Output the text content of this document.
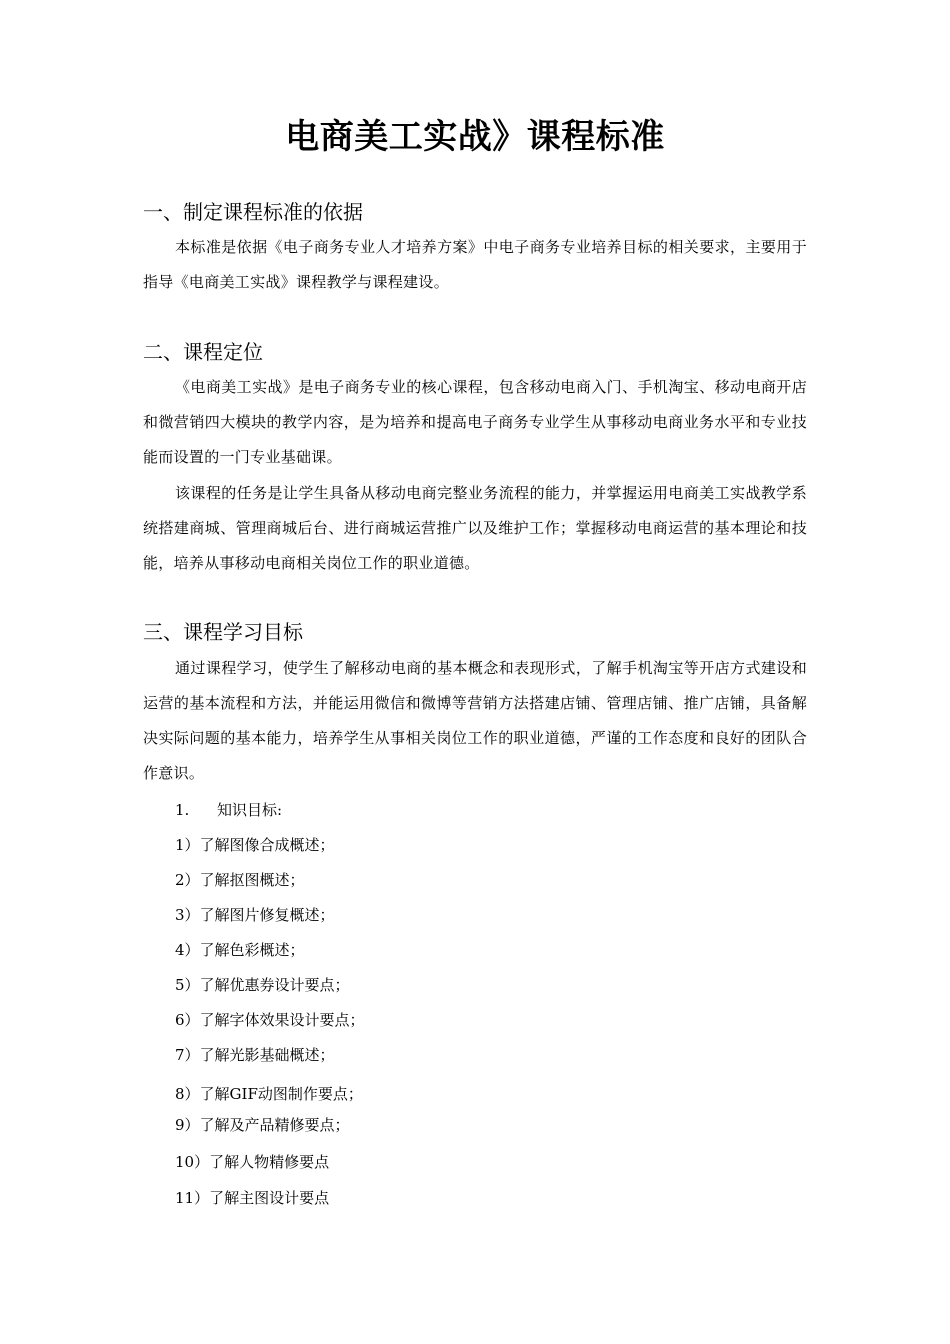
电商美工实战》课程标准
一、制定课程标准的依据
本标准是依据《电子商务专业人才培养方案》中电子商务专业培养目标的相关要求，主要用于指导《电商美工实战》课程教学与课程建设。
二、课程定位
《电商美工实战》是电子商务专业的核心课程，包含移动电商入门、手机淘宝、移动电商开店和微营销四大模块的教学内容，是为培养和提高电子商务专业学生从事移动电商业务水平和专业技能而设置的一门专业基础课。
该课程的任务是让学生具备从移动电商完整业务流程的能力，并掌握运用电商美工实战教学系统搭建商城、管理商城后台、进行商城运营推广以及维护工作；掌握移动电商运营的基本理论和技能，培养从事移动电商相关岗位工作的职业道德。
三、课程学习目标
通过课程学习，使学生了解移动电商的基本概念和表现形式，了解手机淘宝等开店方式建设和运营的基本流程和方法，并能运用微信和微博等营销方法搭建店铺、管理店铺、推广店铺，具备解决实际问题的基本能力，培养学生从事相关岗位工作的职业道德，严谨的工作态度和良好的团队合作意识。
1. 知识目标:
1）了解图像合成概述；
2）了解抠图概述；
3）了解图片修复概述；
4）了解色彩概述；
5）了解优惠券设计要点；
6）了解字体效果设计要点；
7）了解光影基础概述；
8）了解GIF动图制作要点；
9）了解及产品精修要点；
10）了解人物精修要点
11）了解主图设计要点
